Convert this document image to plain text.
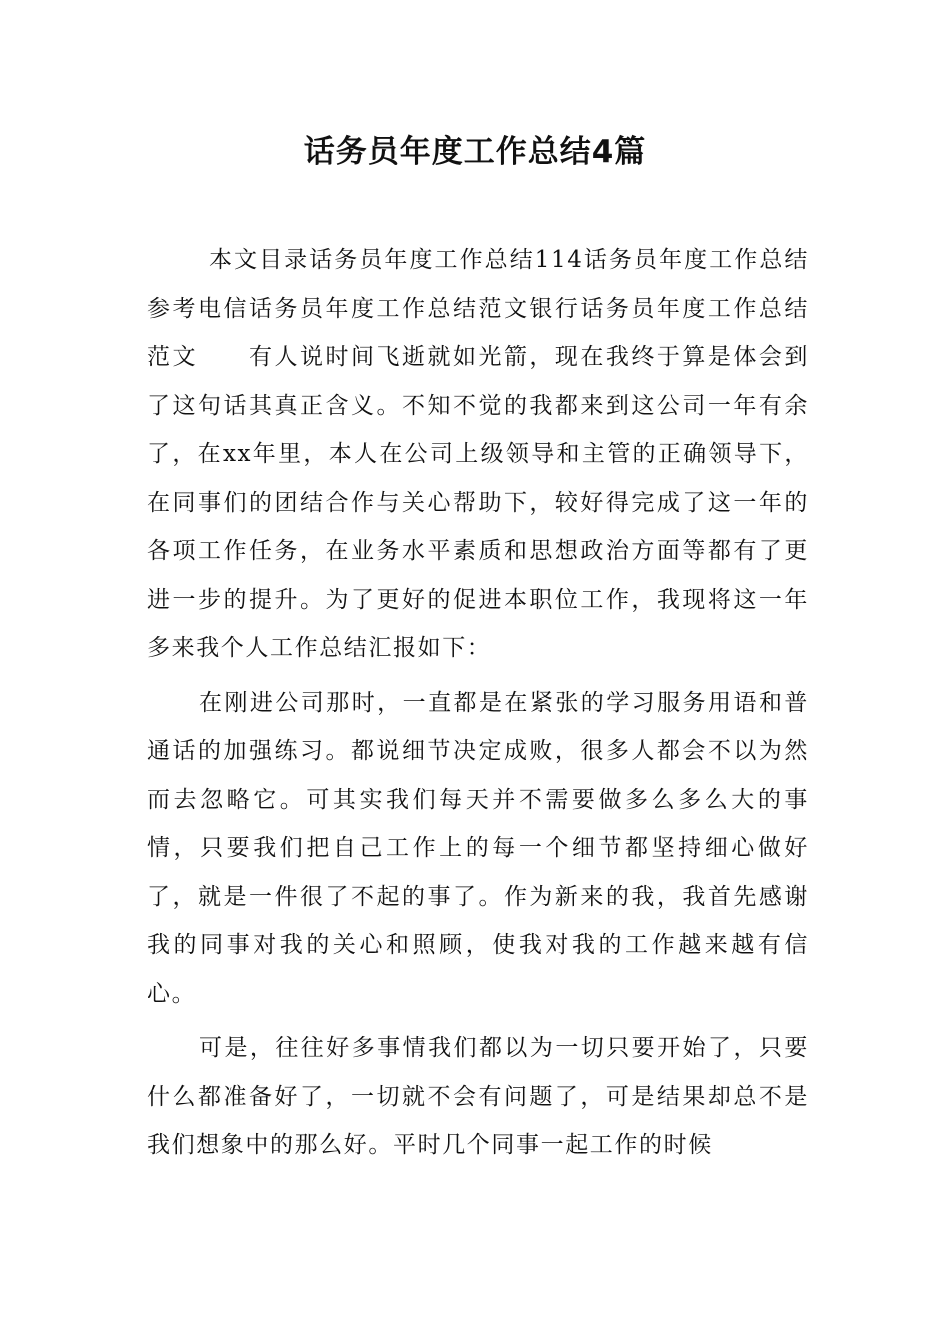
话务员年度工作总结4篇

本文目录话务员年度工作总结114话务员年度工作总结参考电信话务员年度工作总结范文银行话务员年度工作总结范文　　有人说时间飞逝就如光箭，现在我终于算是体会到了这句话其真正含义。不知不觉的我都来到这公司一年有余了，在xx年里，本人在公司上级领导和主管的正确领导下，在同事们的团结合作与关心帮助下，较好得完成了这一年的各项工作任务，在业务水平素质和思想政治方面等都有了更进一步的提升。为了更好的促进本职位工作，我现将这一年多来我个人工作总结汇报如下：

在刚进公司那时，一直都是在紧张的学习服务用语和普通话的加强练习。都说细节决定成败，很多人都会不以为然而去忽略它。可其实我们每天并不需要做多么多么大的事情，只要我们把自己工作上的每一个细节都坚持细心做好了，就是一件很了不起的事了。作为新来的我，我首先感谢我的同事对我的关心和照顾，使我对我的工作越来越有信心。

可是，往往好多事情我们都以为一切只要开始了，只要什么都准备好了，一切就不会有问题了，可是结果却总不是我们想象中的那么好。平时几个同事一起工作的时候
